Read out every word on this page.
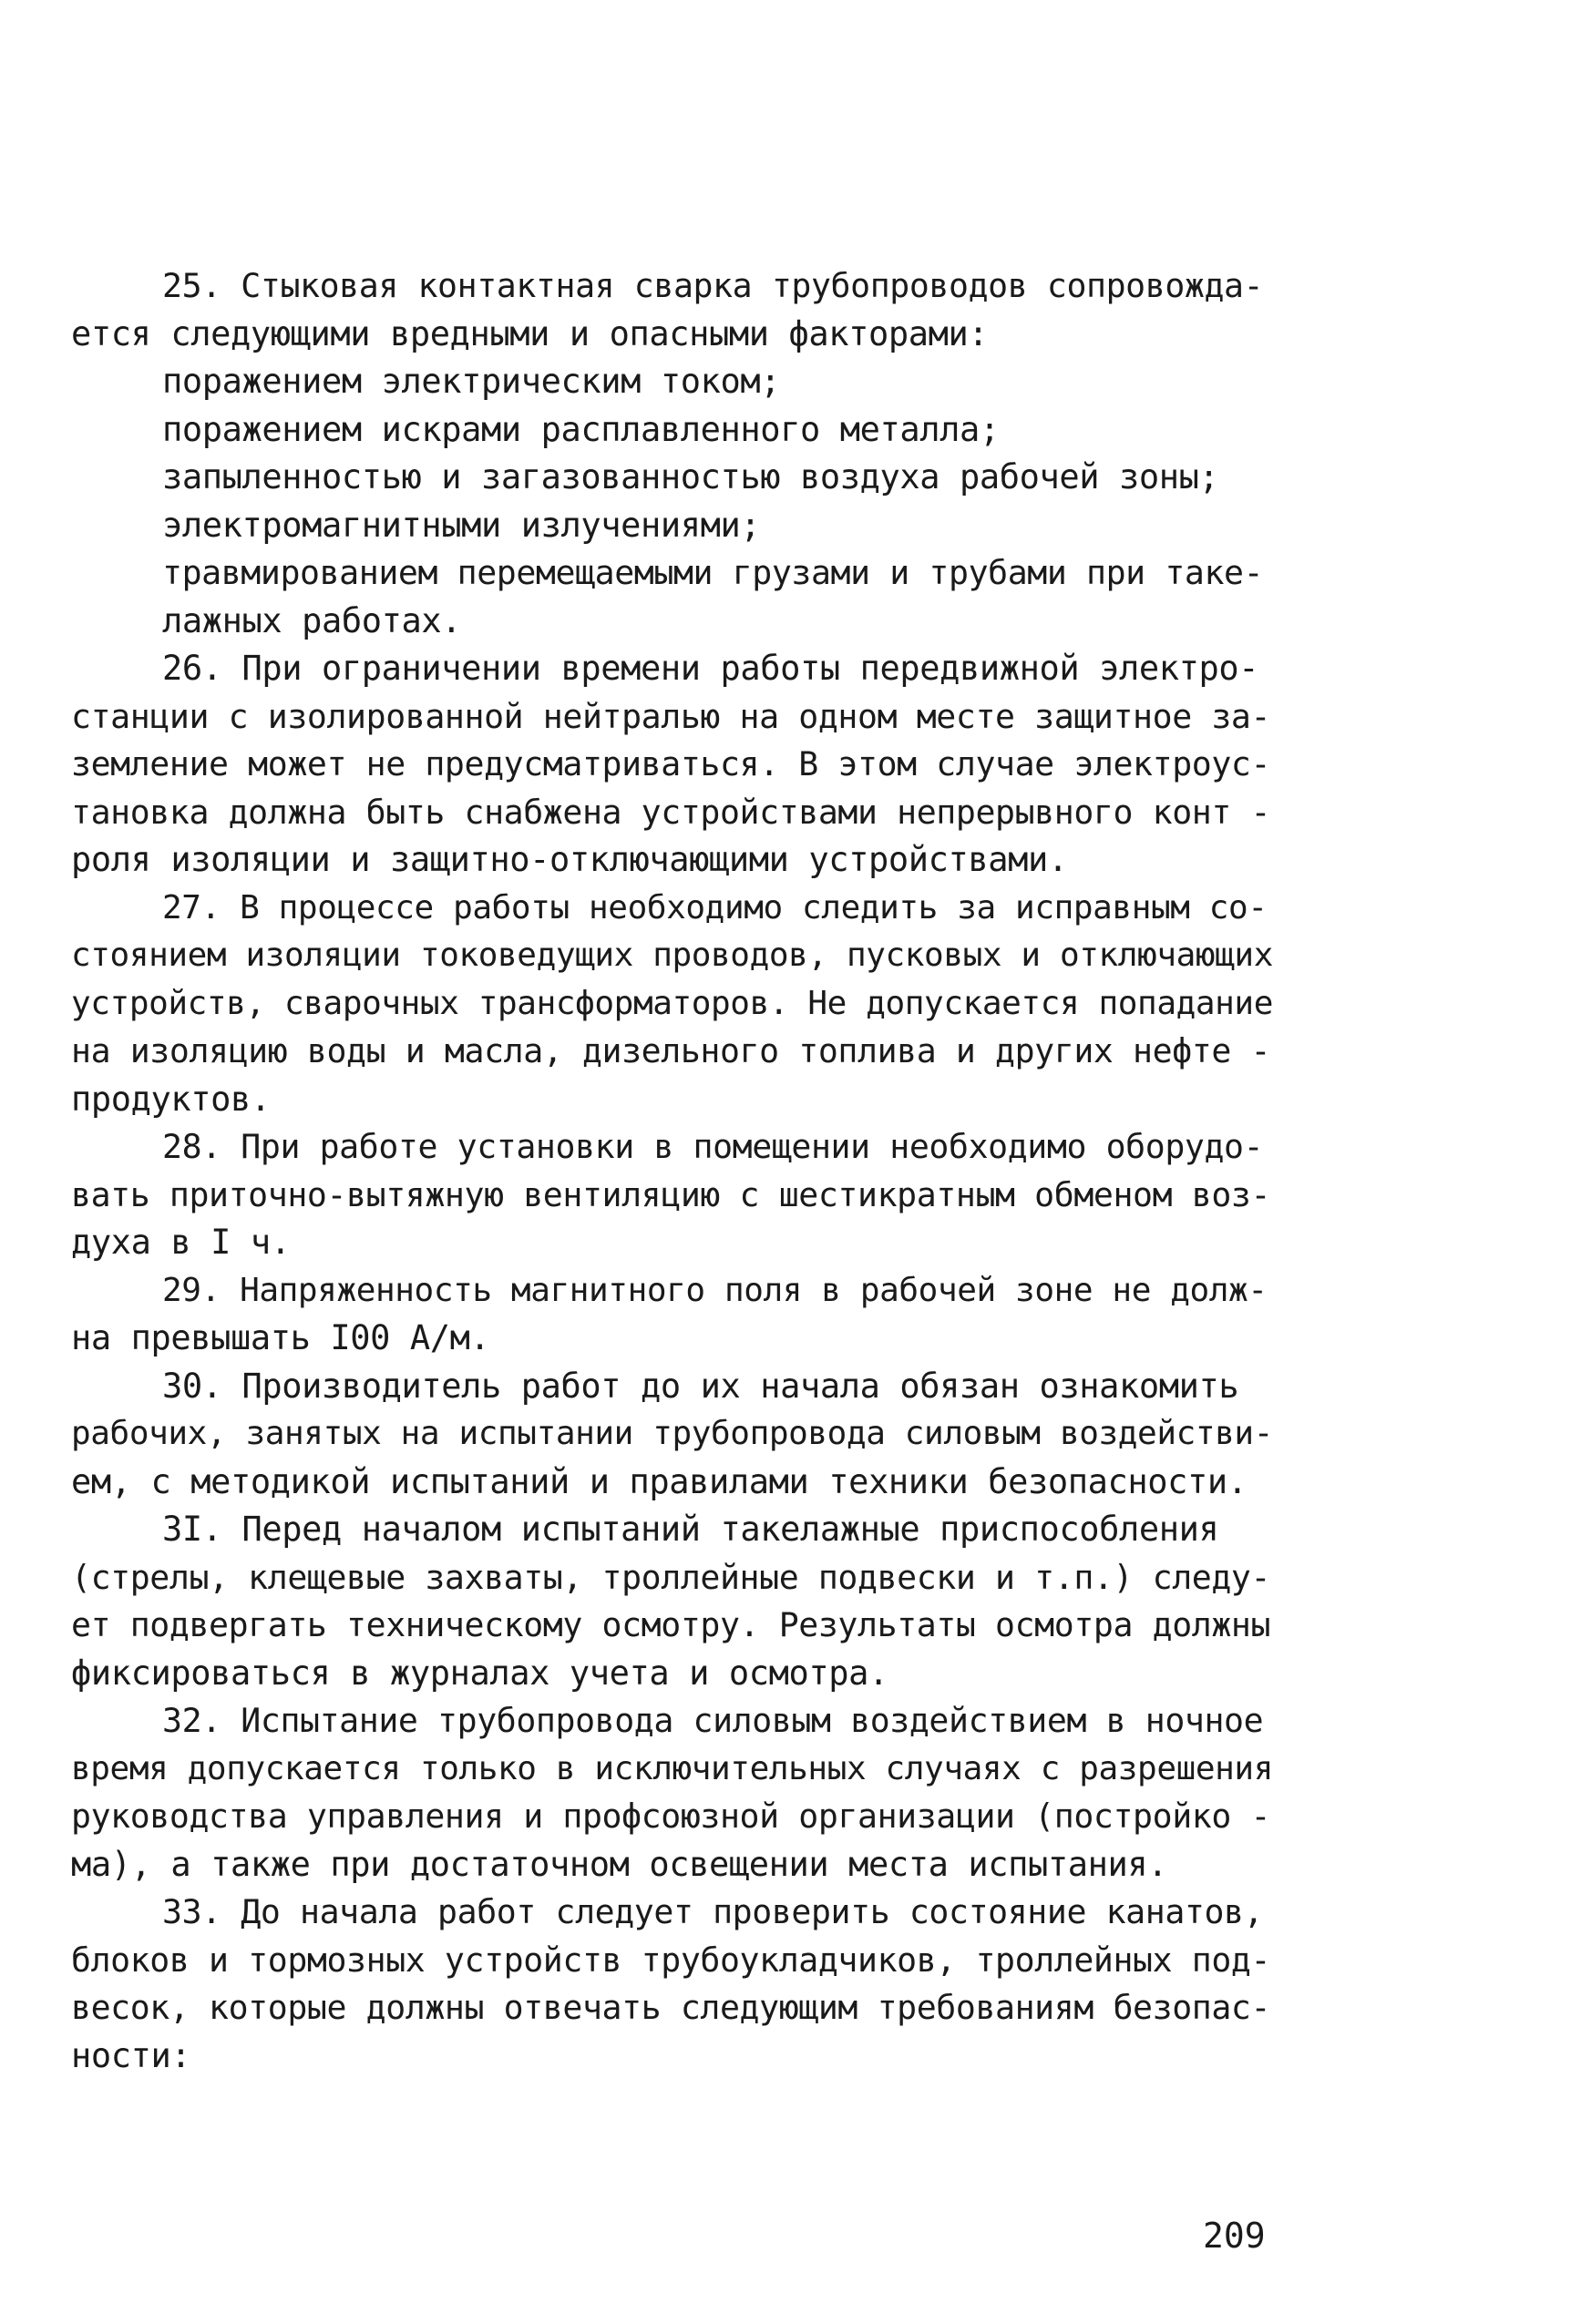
25. Стыковая контактная сварка трубопроводов сопровожда-
ется следующими вредными и опасными факторами:
поражением электрическим током;
поражением искрами расплавленного металла;
запыленностью и загазованностью воздуха рабочей зоны;
электромагнитными излучениями;
травмированием перемещаемыми грузами и трубами при таке-
лажных работах.
26. При ограничении времени работы передвижной электро-
станции с изолированной нейтралью на одном месте защитное за-
земление может не предусматриваться. В этом случае электроус-
тановка должна быть снабжена устройствами непрерывного конт -
роля изоляции и защитно-отключающими устройствами.
27. В процессе работы необходимо следить за исправным со-
стоянием изоляции токоведущих проводов, пусковых и отключающих
устройств, сварочных трансформаторов. Не допускается попадание
на изоляцию воды и масла, дизельного топлива и других нефте -
продуктов.
28. При работе установки в помещении необходимо оборудо-
вать приточно-вытяжную вентиляцию с шестикратным обменом воз-
духа в I ч.
29. Напряженность магнитного поля в рабочей зоне не долж-
на превышать I00 А/м.
30. Производитель работ до их начала обязан ознакомить
рабочих, занятых на испытании трубопровода силовым воздействи-
ем, с методикой испытаний и правилами техники безопасности.
3I. Перед началом испытаний такелажные приспособления
(стрелы, клещевые захваты, троллейные подвески и т.п.) следу-
ет подвергать техническому осмотру. Результаты осмотра должны
фиксироваться в журналах учета и осмотра.
32. Испытание трубопровода силовым воздействием в ночное
время допускается только в исключительных случаях с разрешения
руководства управления и профсоюзной организации (постройко -
ма), а также при достаточном освещении места испытания.
33. До начала работ следует проверить состояние канатов,
блоков и тормозных устройств трубоукладчиков, троллейных под-
весок, которые должны отвечать следующим требованиям безопас-
ности:
209
